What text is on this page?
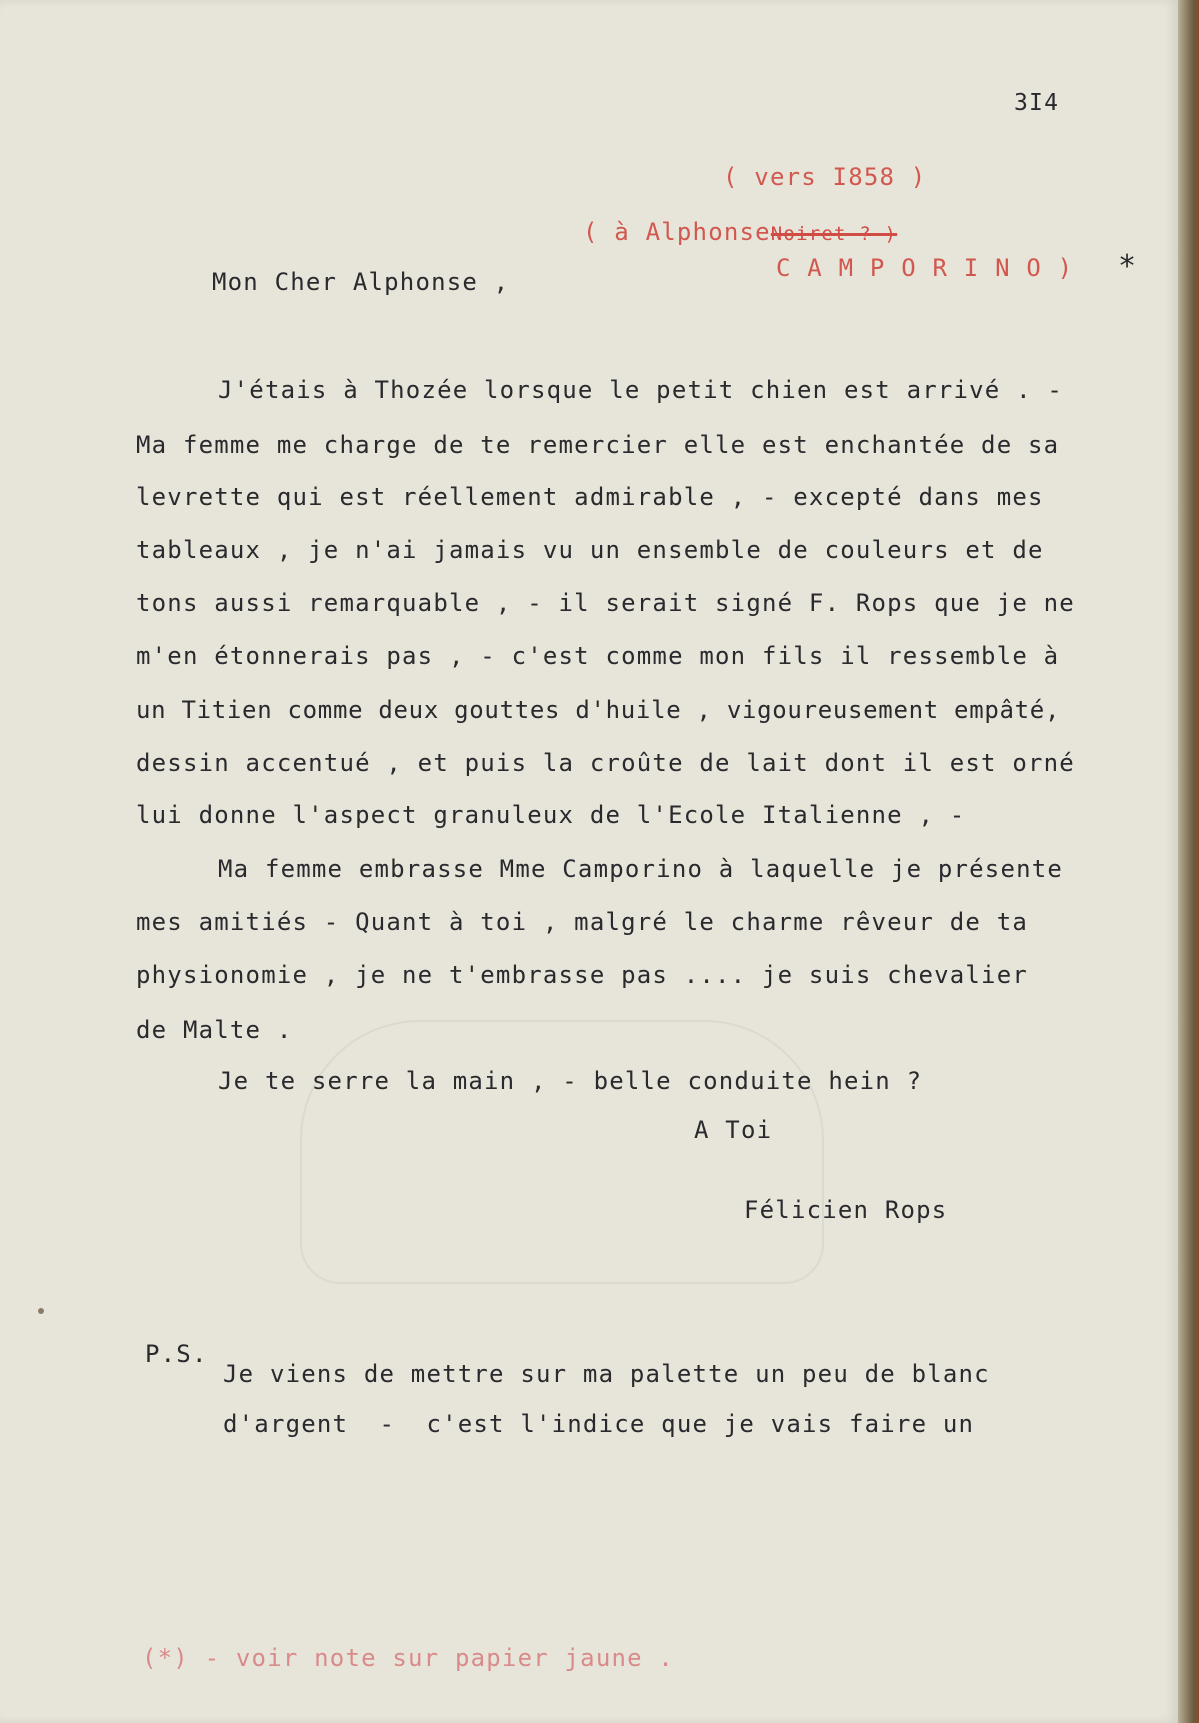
3I4
( vers I858 )
( à AlphonseNoiret ? )
C A M P O R I N O ) *
Mon Cher Alphonse ,
J'étais à Thozée lorsque le petit chien est arrivé . -
Ma femme me charge de te remercier elle est enchantée de sa
levrette qui est réellement admirable , - excepté dans mes
tableaux , je n'ai jamais vu un ensemble de couleurs et de
tons aussi remarquable , - il serait signé F. Rops que je ne
m'en étonnerais pas , - c'est comme mon fils il ressemble à
un Titien comme deux gouttes d'huile , vigoureusement empâté,
dessin accentué , et puis la croûte de lait dont il est orné
lui donne l'aspect granuleux de l'Ecole Italienne , -
Ma femme embrasse Mme Camporino à laquelle je présente
mes amitiés - Quant à toi , malgré le charme rêveur de ta
physionomie , je ne t'embrasse pas .... je suis chevalier
de Malte .
Je te serre la main , - belle conduite hein ?
A Toi
Félicien Rops
P.S.
Je viens de mettre sur ma palette un peu de blanc
d'argent  -  c'est l'indice que je vais faire un
(*) - voir note sur papier jaune .
